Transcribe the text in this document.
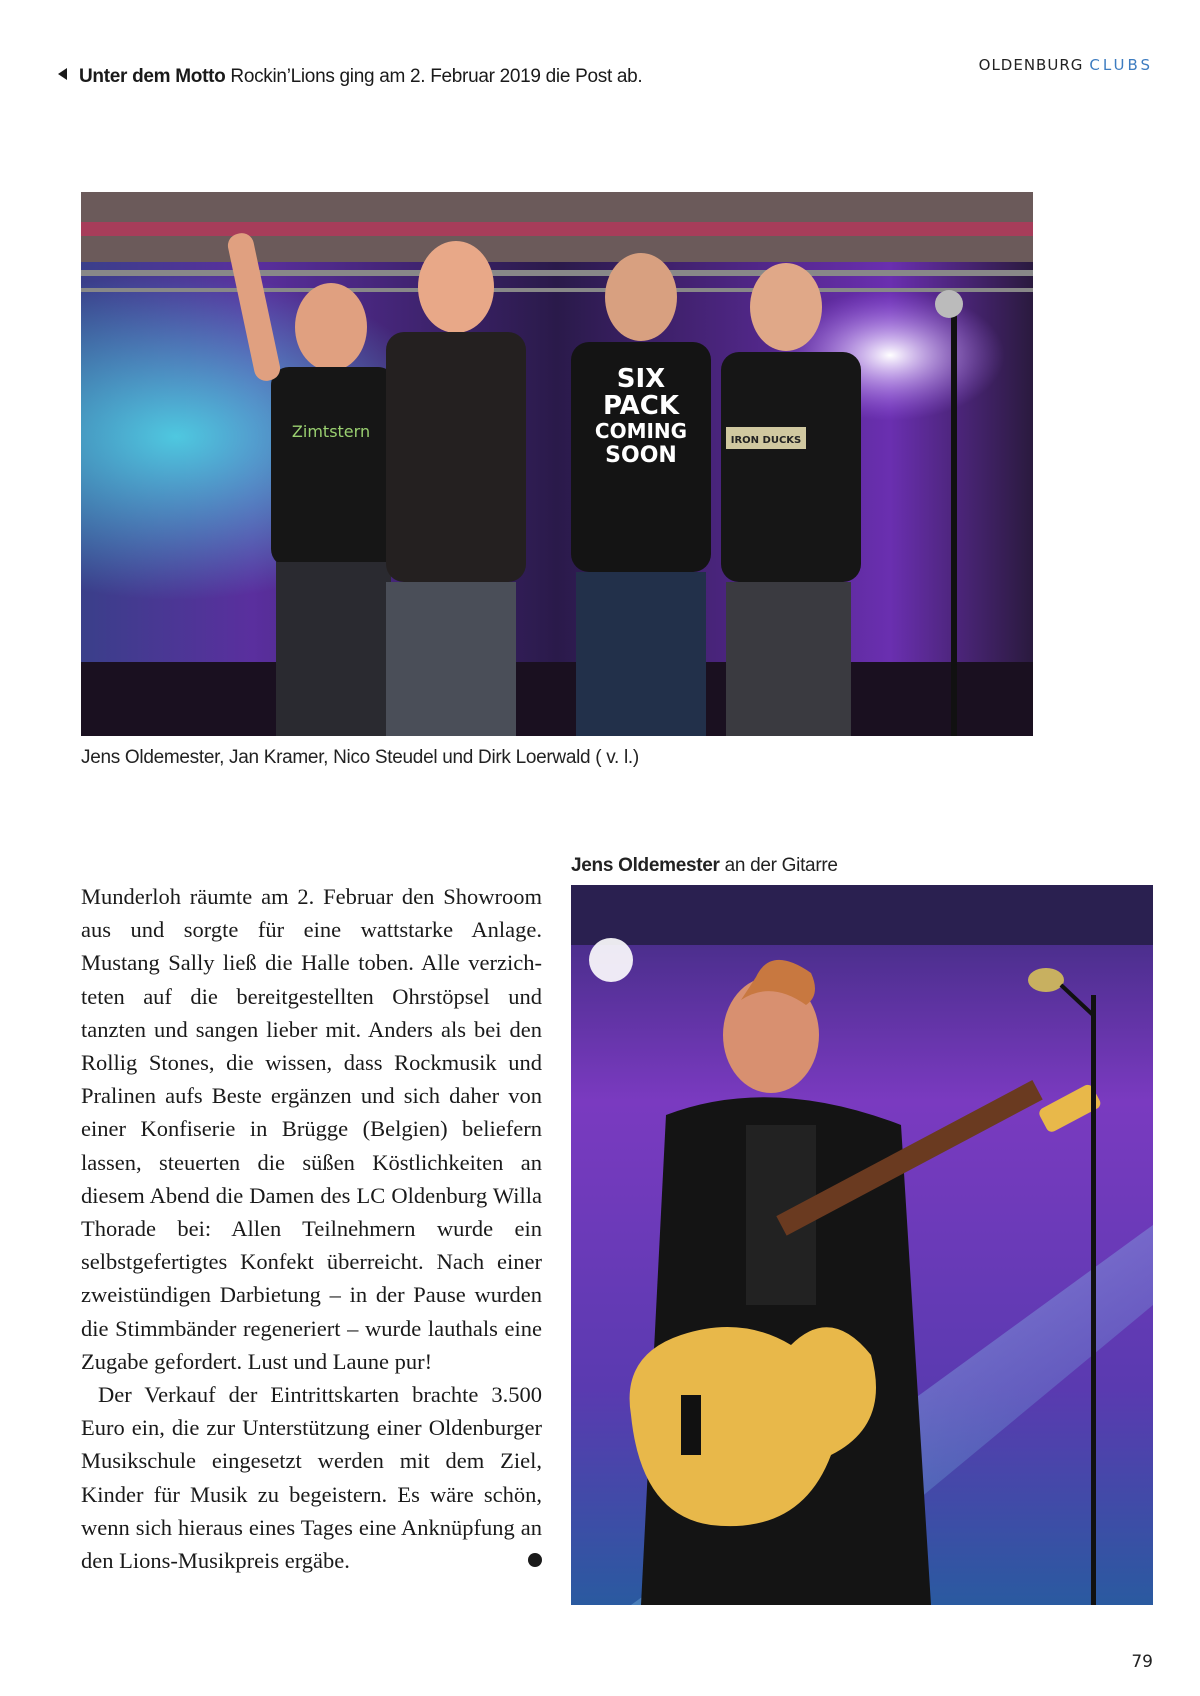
Unter dem Motto Rockin’Lions ging am 2. Februar 2019 die Post ab.
OLDENBURG CLUBS
Zimtstern
SIX
PACK
COMING
SOON
IRON DUCKS
Jens Oldemester, Jan Kramer, Nico Steudel und Dirk Loerwald ( v. l.)
Jens Oldemester an der Gitarre

Munderloh räumte am 2. Februar den Showroom aus und sorgte für eine wattstarke Anlage. Mustang Sally ließ die Halle toben. Alle verzichteten auf die bereitgestellten Ohrstöpsel und tanzten und sangen lieber mit. Anders als bei den Rollig Stones, die wissen, dass Rockmusik und Pralinen aufs Beste ergänzen und sich daher von einer Konfiserie in Brügge (Belgien) beliefern lassen, steuerten die süßen Köstlichkeiten an diesem Abend die Damen des LC Oldenburg Willa Thorade bei: Allen Teilnehmern wurde ein selbstgefertigtes Konfekt überreicht. Nach einer zweistündigen Darbietung – in der Pause wurden die Stimmbänder regeneriert – wurde lauthals eine Zugabe gefordert. Lust und Laune pur!

Der Verkauf der Eintrittskarten brachte 3.500 Euro ein, die zur Unterstützung einer Oldenburger Musikschule eingesetzt werden mit dem Ziel, Kinder für Musik zu begeistern. Es wäre schön, wenn sich hieraus eines Tages eine Anknüpfung an den Lions-Musikpreis ergäbe.	L

79
